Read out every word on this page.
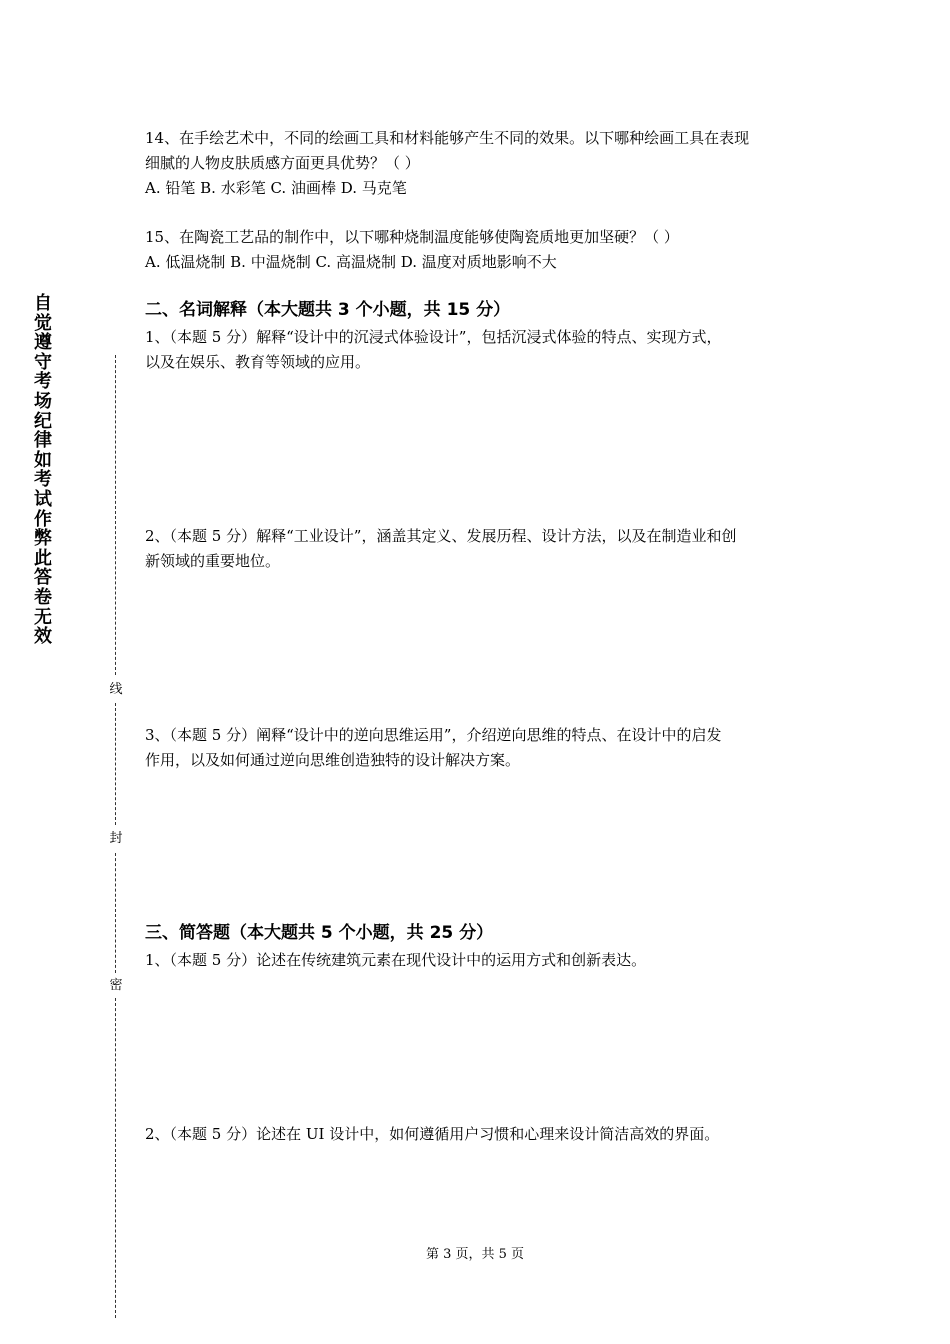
自觉遵守考场纪律如考试作弊此答卷无效
线
封
密
14、在手绘艺术中，不同的绘画工具和材料能够产生不同的效果。以下哪种绘画工具在表现
细腻的人物皮肤质感方面更具优势？（ ）
A. 铅笔 B. 水彩笔 C. 油画棒 D. 马克笔
15、在陶瓷工艺品的制作中，以下哪种烧制温度能够使陶瓷质地更加坚硬？（ ）
A. 低温烧制 B. 中温烧制 C. 高温烧制 D. 温度对质地影响不大
二、名词解释（本大题共 3 个小题，共 15 分）
1、（本题 5 分）解释“设计中的沉浸式体验设计”，包括沉浸式体验的特点、实现方式，
以及在娱乐、教育等领域的应用。
2、（本题 5 分）解释“工业设计”，涵盖其定义、发展历程、设计方法，以及在制造业和创
新领域的重要地位。
3、（本题 5 分）阐释“设计中的逆向思维运用”，介绍逆向思维的特点、在设计中的启发
作用，以及如何通过逆向思维创造独特的设计解决方案。
三、简答题（本大题共 5 个小题，共 25 分）
1、（本题 5 分）论述在传统建筑元素在现代设计中的运用方式和创新表达。
2、（本题 5 分）论述在 UI 设计中，如何遵循用户习惯和心理来设计简洁高效的界面。
第 3 页，共 5 页
